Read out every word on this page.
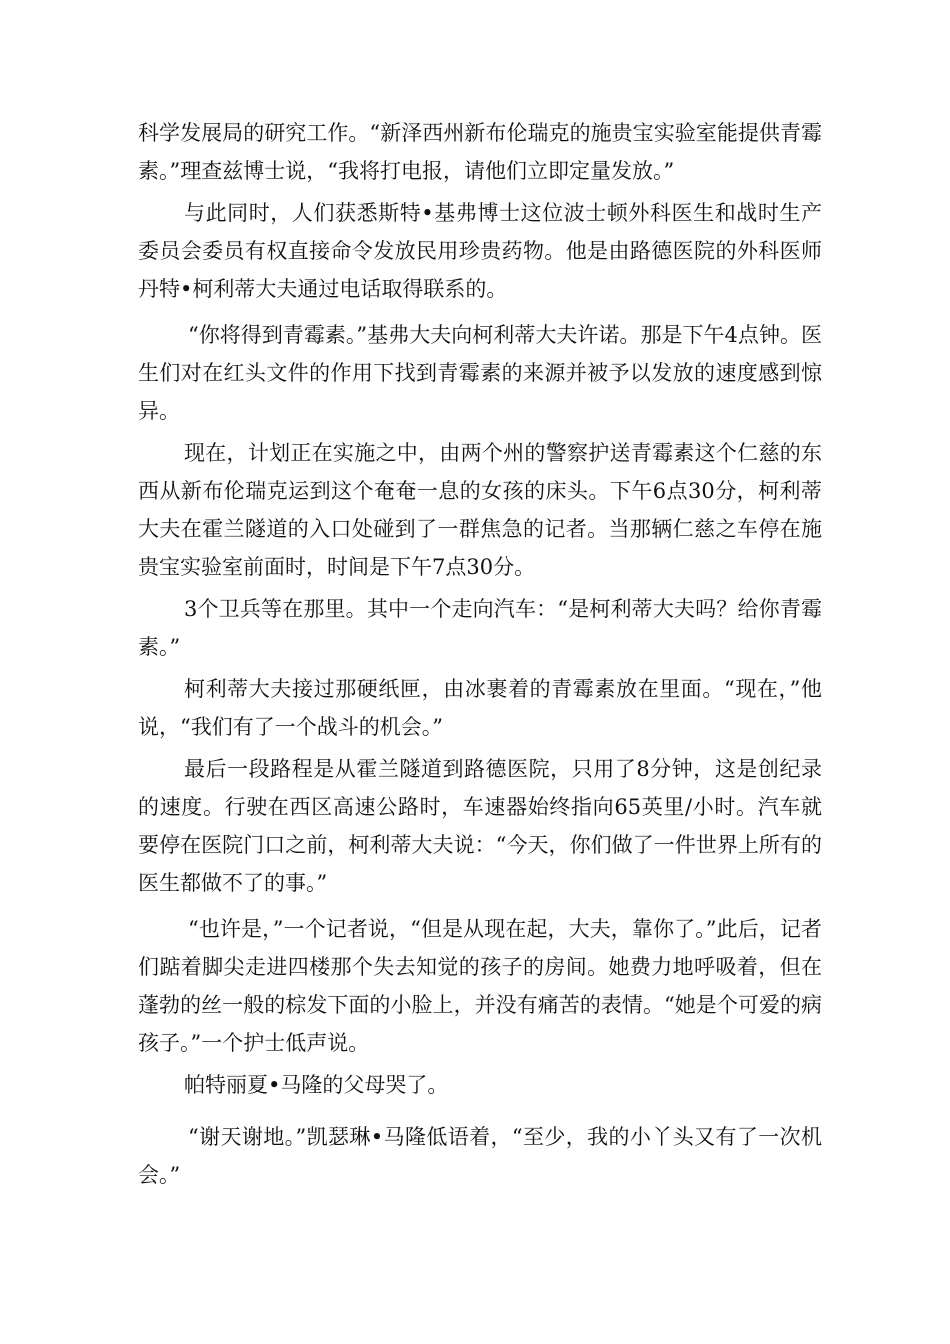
科学发展局的研究工作。“新泽西州新布伦瑞克的施贵宝实验室能提供青霉素。”理查兹博士说，“我将打电报，请他们立即定量发放。”

与此同时，人们获悉斯特•基弗博士这位波士顿外科医生和战时生产委员会委员有权直接命令发放民用珍贵药物。他是由路德医院的外科医师丹特•柯利蒂大夫通过电话取得联系的。

“你将得到青霉素。”基弗大夫向柯利蒂大夫许诺。那是下午4点钟。医生们对在红头文件的作用下找到青霉素的来源并被予以发放的速度感到惊异。

现在，计划正在实施之中，由两个州的警察护送青霉素这个仁慈的东西从新布伦瑞克运到这个奄奄一息的女孩的床头。下午6点30分，柯利蒂大夫在霍兰隧道的入口处碰到了一群焦急的记者。当那辆仁慈之车停在施贵宝实验室前面时，时间是下午7点30分。

3个卫兵等在那里。其中一个走向汽车：“是柯利蒂大夫吗？给你青霉素。”

柯利蒂大夫接过那硬纸匣，由冰裹着的青霉素放在里面。“现在，”他说，“我们有了一个战斗的机会。”

最后一段路程是从霍兰隧道到路德医院，只用了8分钟，这是创纪录的速度。行驶在西区高速公路时，车速器始终指向65英里/小时。汽车就要停在医院门口之前，柯利蒂大夫说：“今天，你们做了一件世界上所有的医生都做不了的事。”

“也许是，”一个记者说，“但是从现在起，大夫，靠你了。”此后，记者们踮着脚尖走进四楼那个失去知觉的孩子的房间。她费力地呼吸着，但在蓬勃的丝一般的棕发下面的小脸上，并没有痛苦的表情。“她是个可爱的病孩子。”一个护士低声说。

帕特丽夏•马隆的父母哭了。

“谢天谢地。”凯瑟琳•马隆低语着，“至少，我的小丫头又有了一次机会。”
